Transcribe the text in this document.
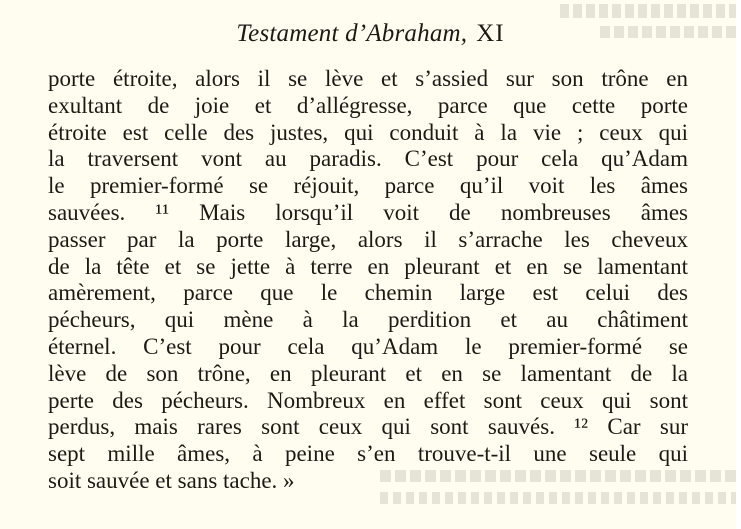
Testament d’Abraham, XI
porte étroite, alors il se lève et s’assied sur son trône en
exultant de joie et d’allégresse, parce que cette porte
étroite est celle des justes, qui conduit à la vie ; ceux qui
la traversent vont au paradis. C’est pour cela qu’Adam
le premier-formé se réjouit, parce qu’il voit les âmes
sauvées. ¹¹ Mais lorsqu’il voit de nombreuses âmes
passer par la porte large, alors il s’arrache les cheveux
de la tête et se jette à terre en pleurant et en se lamentant
amèrement, parce que le chemin large est celui des
pécheurs, qui mène à la perdition et au châtiment
éternel. C’est pour cela qu’Adam le premier-formé se
lève de son trône, en pleurant et en se lamentant de la
perte des pécheurs. Nombreux en effet sont ceux qui sont
perdus, mais rares sont ceux qui sont sauvés. ¹² Car sur
sept mille âmes, à peine s’en trouve-t-il une seule qui
soit sauvée et sans tache. »
